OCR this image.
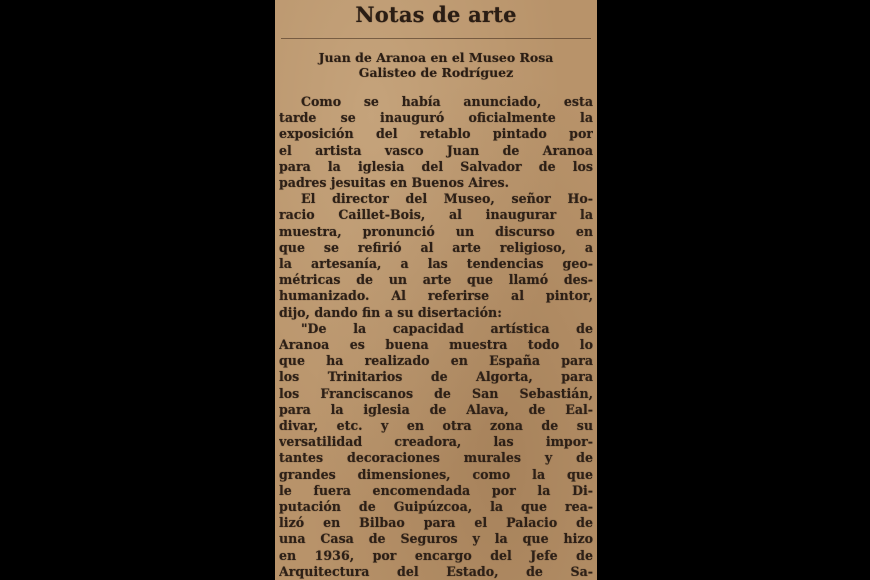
Notas de arte
Juan de Aranoa en el Museo Rosa
Galisteo de Rodríguez
Como se había anunciado, esta
tarde se inauguró oficialmente la
exposición del retablo pintado por
el artista vasco Juan de Aranoa
para la iglesia del Salvador de los
padres jesuitas en Buenos Aires.
El director del Museo, señor Ho-
racio Caillet-Bois, al inaugurar la
muestra, pronunció un discurso en
que se refirió al arte religioso, a
la artesanía, a las tendencias geo-
métricas de un arte que llamó des-
humanizado. Al referirse al pintor,
dijo, dando fin a su disertación:
"De la capacidad artística de
Aranoa es buena muestra todo lo
que ha realizado en España para
los Trinitarios de Algorta, para
los Franciscanos de San Sebastián,
para la iglesia de Alava, de Eal-
divar, etc. y en otra zona de su
versatilidad creadora, las impor-
tantes decoraciones murales y de
grandes dimensiones, como la que
le fuera encomendada por la Di-
putación de Guipúzcoa, la que rea-
lizó en Bilbao para el Palacio de
una Casa de Seguros y la que hizo
en 1936, por encargo del Jefe de
Arquitectura del Estado, de Sa-
